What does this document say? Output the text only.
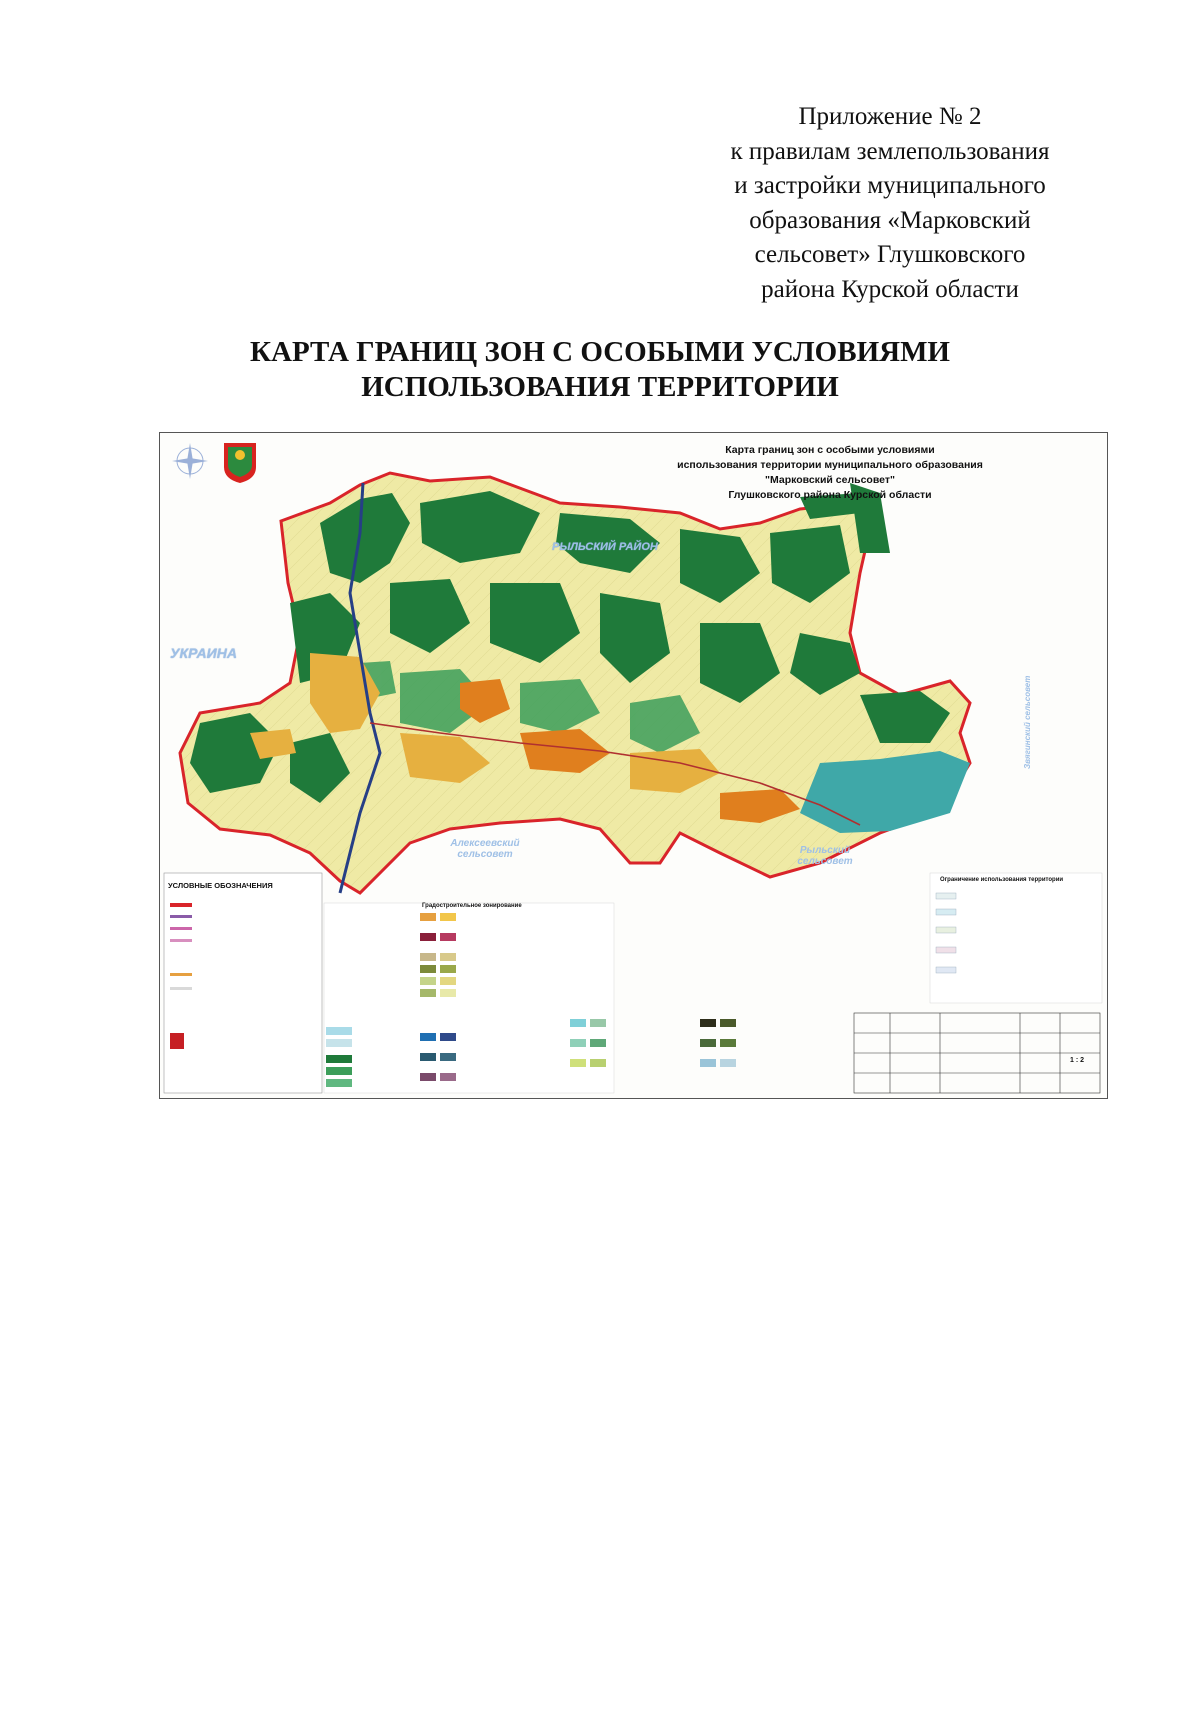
Приложение № 2
к правилам землепользования
и застройки муниципального
образования «Марковский
сельсовет» Глушковского
района Курской области
КАРТА ГРАНИЦ ЗОН С ОСОБЫМИ УСЛОВИЯМИ
ИСПОЛЬЗОВАНИЯ ТЕРРИТОРИИ
Карта границ зон с особыми условиями
использования территории муниципального образования
"Марковский сельсовет"
Глушковского района Курской области
УКРАИНА
РЫЛЬСКИЙ РАЙОН
Алексеевский сельсовет	Рыльский сельсовет
Звягинский сельсовет
УСЛОВНЫЕ ОБОЗНАЧЕНИЯ
Градостроительное зонирование
Ограничение использования территории
1 : 2
